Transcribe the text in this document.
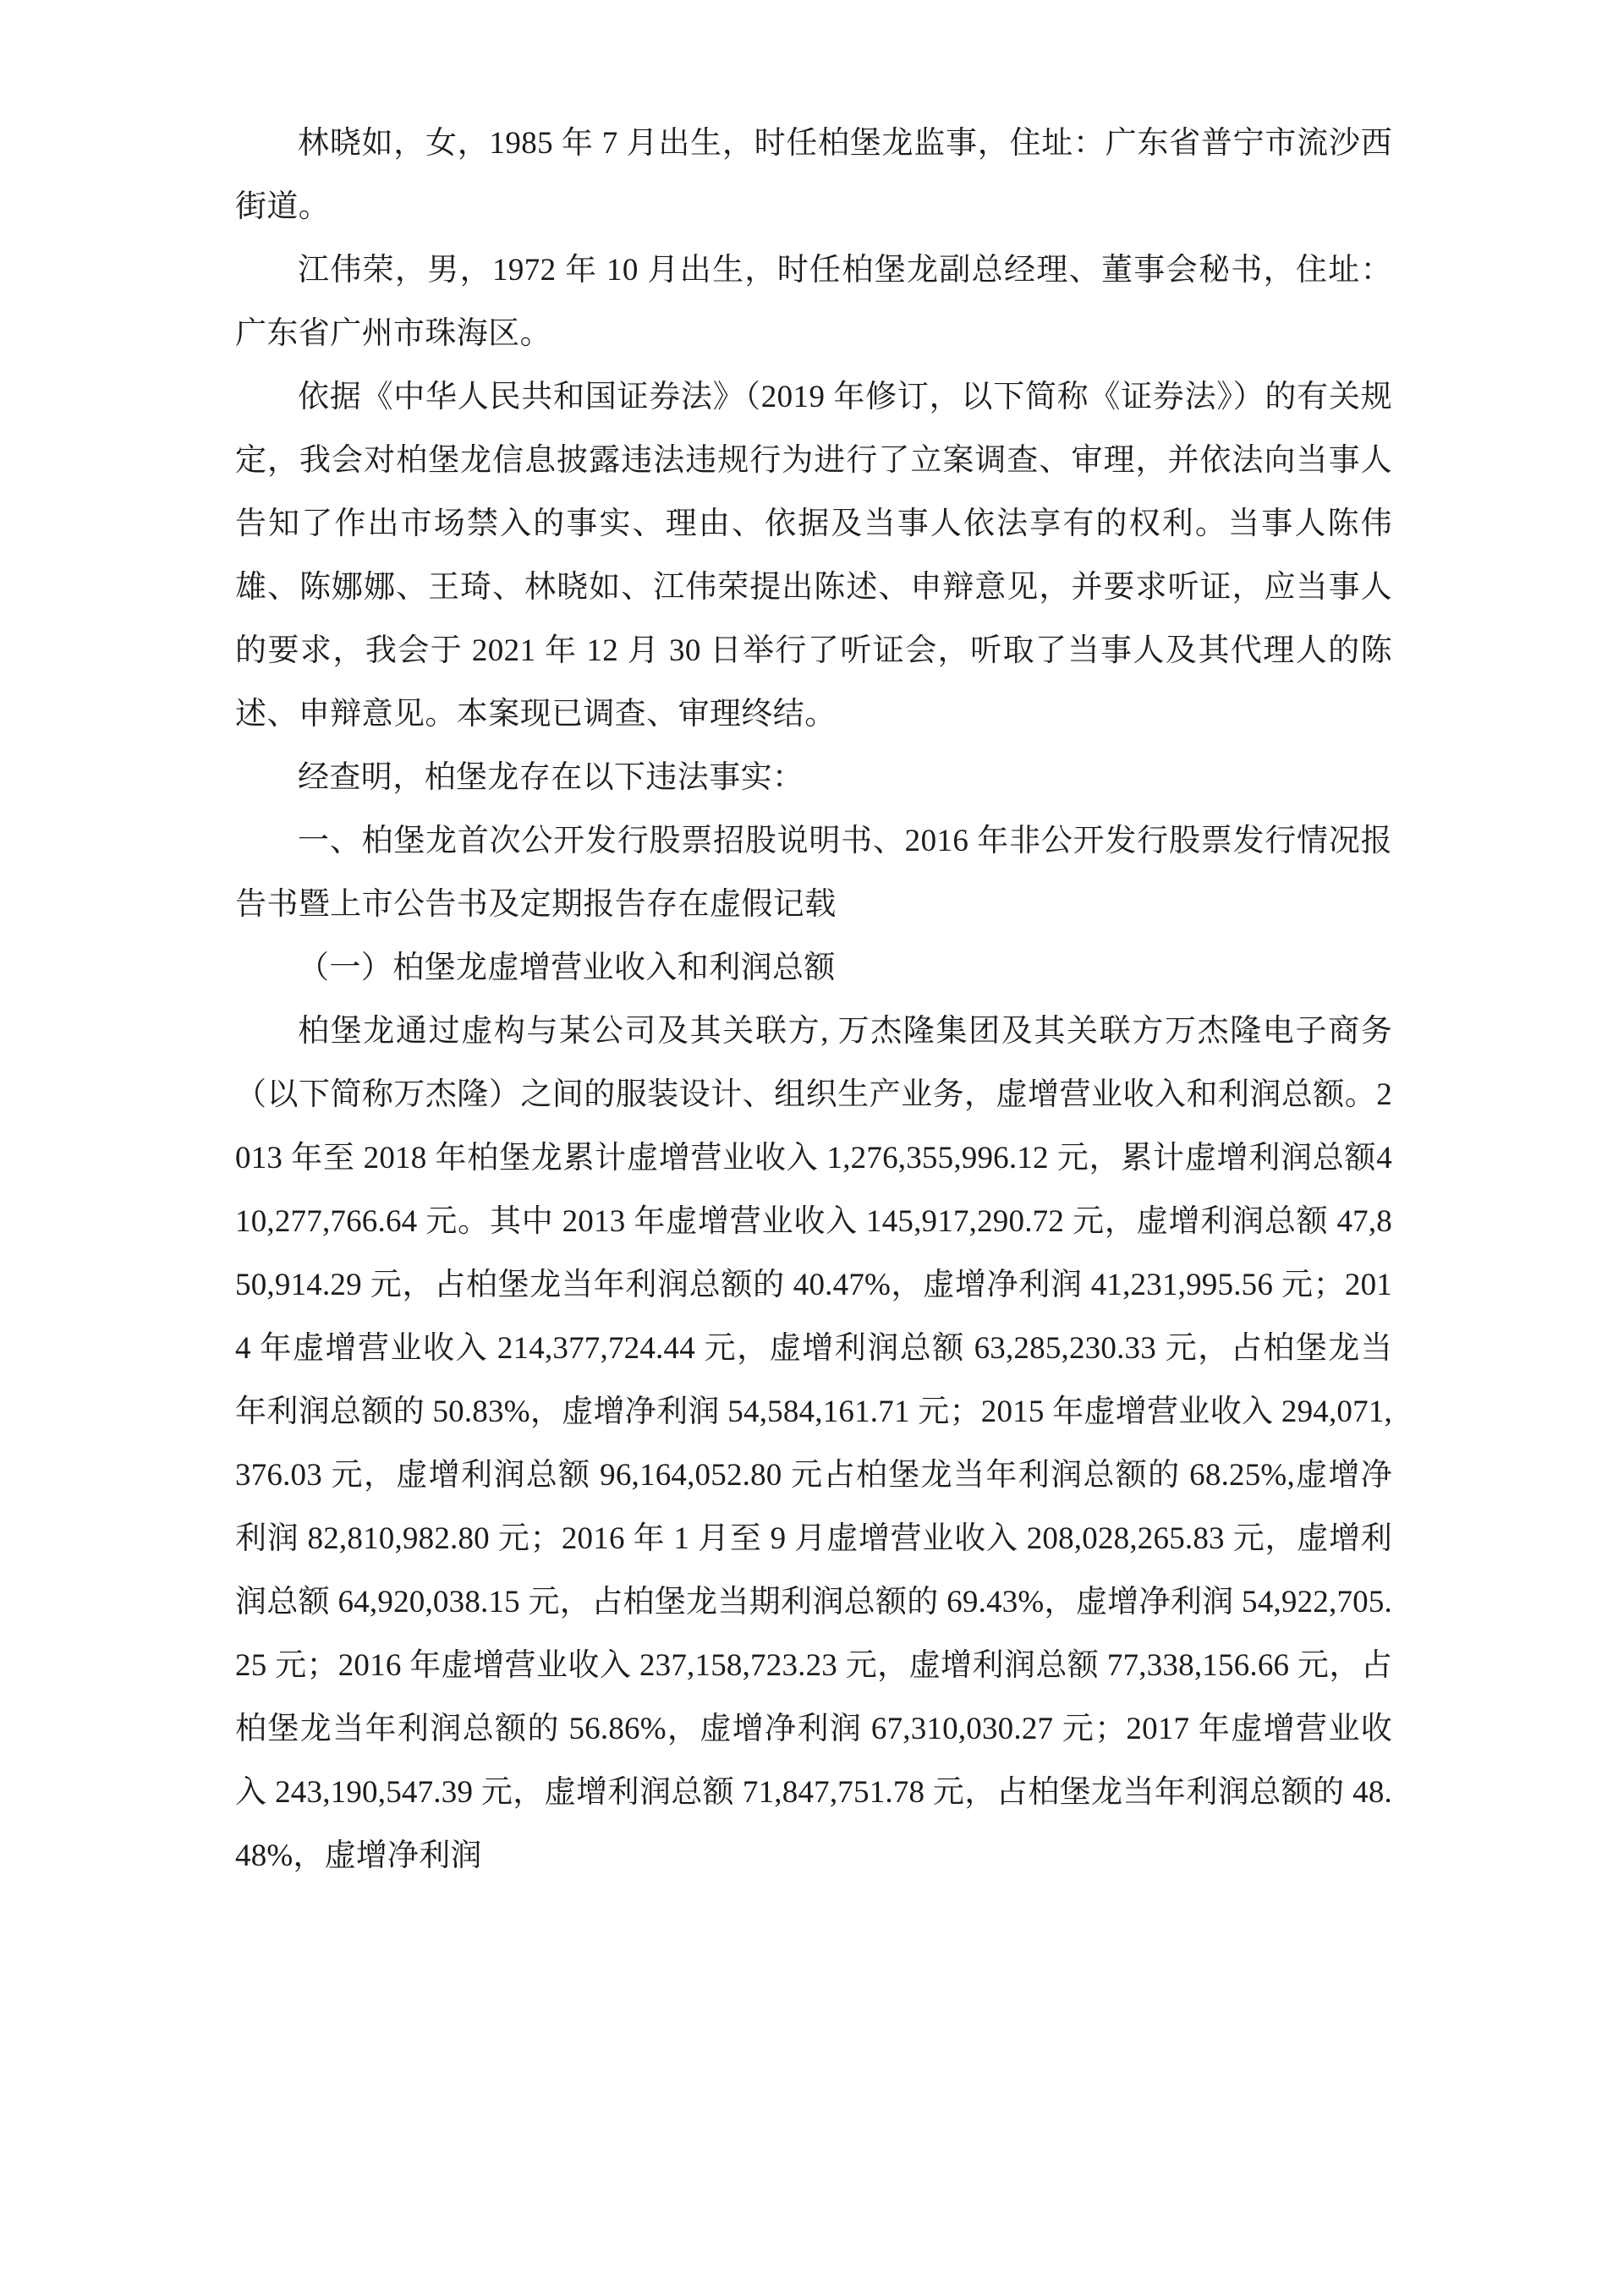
林晓如，女，1985 年 7 月出生，时任柏堡龙监事，住址：广东省普宁市流沙西街道。

江伟荣，男，1972 年 10 月出生，时任柏堡龙副总经理、董事会秘书，住址：广东省广州市珠海区。

依据《中华人民共和国证券法》（2019 年修订，以下简称《证券法》）的有关规定，我会对柏堡龙信息披露违法违规行为进行了立案调查、审理，并依法向当事人告知了作出市场禁入的事实、理由、依据及当事人依法享有的权利。当事人陈伟雄、陈娜娜、王琦、林晓如、江伟荣提出陈述、申辩意见，并要求听证，应当事人的要求，我会于 2021 年 12 月 30 日举行了听证会，听取了当事人及其代理人的陈述、申辩意见。本案现已调查、审理终结。

经查明，柏堡龙存在以下违法事实：

一、柏堡龙首次公开发行股票招股说明书、2016 年非公开发行股票发行情况报告书暨上市公告书及定期报告存在虚假记载

（一）柏堡龙虚增营业收入和利润总额

柏堡龙通过虚构与某公司及其关联方, 万杰隆集团及其关联方万杰隆电子商务（以下简称万杰隆）之间的服装设计、组织生产业务，虚增营业收入和利润总额。2013 年至 2018 年柏堡龙累计虚增营业收入 1,276,355,996.12 元，累计虚增利润总额410,277,766.64 元。其中 2013 年虚增营业收入 145,917,290.72 元，虚增利润总额 47,850,914.29 元，占柏堡龙当年利润总额的 40.47%，虚增净利润 41,231,995.56 元；2014 年虚增营业收入 214,377,724.44 元，虚增利润总额 63,285,230.33 元，占柏堡龙当年利润总额的 50.83%，虚增净利润 54,584,161.71 元；2015 年虚增营业收入 294,071,376.03 元，虚增利润总额 96,164,052.80 元占柏堡龙当年利润总额的 68.25%,虚增净利润 82,810,982.80 元；2016 年 1 月至 9 月虚增营业收入 208,028,265.83 元，虚增利润总额 64,920,038.15 元，占柏堡龙当期利润总额的 69.43%，虚增净利润 54,922,705.25 元；2016 年虚增营业收入 237,158,723.23 元，虚增利润总额 77,338,156.66 元，占柏堡龙当年利润总额的 56.86%，虚增净利润 67,310,030.27 元；2017 年虚增营业收入 243,190,547.39 元，虚增利润总额 71,847,751.78 元，占柏堡龙当年利润总额的 48.48%，虚增净利润
